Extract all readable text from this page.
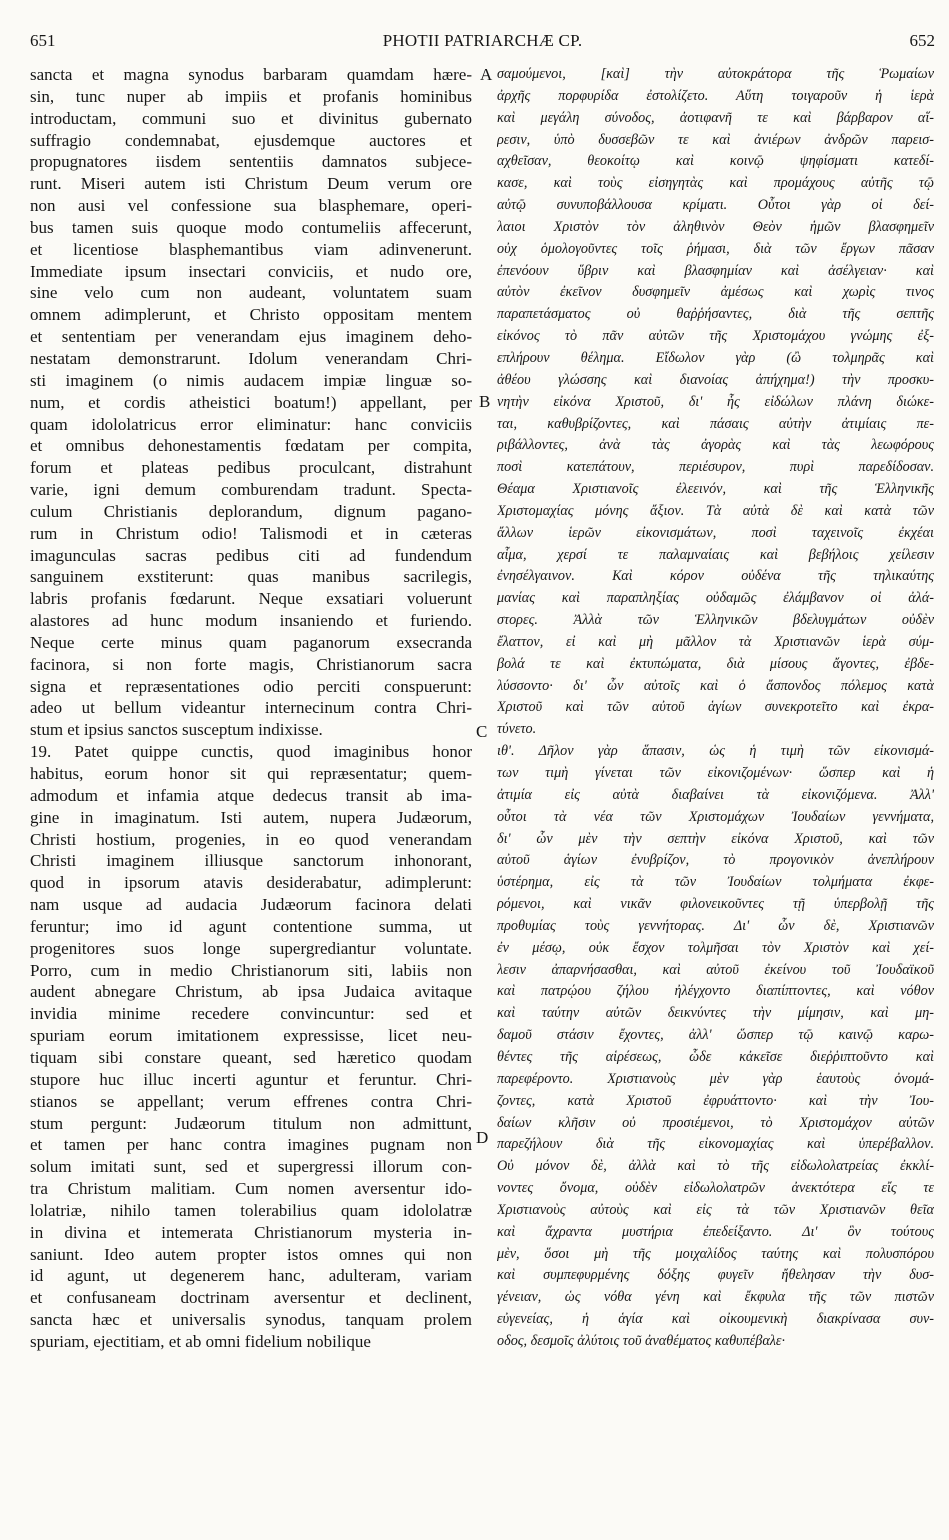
651	PHOTII PATRIARCHÆ CP.	652
sancta et magna synodus barbaram quamdam hære-
sin, tunc nuper ab impiis et profanis hominibus
introductam, communi suo et divinitus gubernato
suffragio condemnabat, ejusdemque auctores et
propugnatores iisdem sententiis damnatos subjece-
runt. Miseri autem isti Christum Deum verum ore
non ausi vel confessione sua blasphemare, operi-
bus tamen suis quoque modo contumeliis affecerunt,
et licentiose blasphemantibus viam adinvenerunt.
Immediate ipsum insectari conviciis, et nudo ore,
sine velo cum non audeant, voluntatem suam
omnem adimplerunt, et Christo oppositam mentem
et sententiam per venerandam ejus imaginem deho-
nestatam demonstrarunt. Idolum venerandam Chri-
sti imaginem (o nimis audacem impiæ linguæ so-
num, et cordis atheistici boatum!) appellant, per
quam idololatricus error eliminatur: hanc conviciis
et omnibus dehonestamentis fœdatam per compita,
forum et plateas pedibus proculcant, distrahunt
varie, igni demum comburendam tradunt. Specta-
culum Christianis deplorandum, dignum pagano-
rum in Christum odio! Talismodi et in cæteras
imagunculas sacras pedibus citi ad fundendum
sanguinem exstiterunt: quas manibus sacrilegis,
labris profanis fœdarunt. Neque exsatiari voluerunt
alastores ad hunc modum insaniendo et furiendo.
Neque certe minus quam paganorum exsecranda
facinora, si non forte magis, Christianorum sacra
signa et repræsentationes odio perciti conspuerunt:
adeo ut bellum videantur internecinum contra Chri-
stum et ipsius sanctos susceptum indixisse.
19. Patet quippe cunctis, quod imaginibus honor
habitus, eorum honor sit qui repræsentatur; quem-
admodum et infamia atque dedecus transit ab ima-
gine in imaginatum. Isti autem, nupera Judæorum,
Christi hostium, progenies, in eo quod venerandam
Christi imaginem illiusque sanctorum inhonorant,
quod in ipsorum atavis desiderabatur, adimplerunt:
nam usque ad audacia Judæorum facinora delati
feruntur; imo id agunt contentione summa, ut
progenitores suos longe supergrediantur voluntate.
Porro, cum in medio Christianorum siti, labiis non
audent abnegare Christum, ab ipsa Judaica avitaque
invidia minime recedere convincuntur: sed et
spuriam eorum imitationem expressisse, licet neu-
tiquam sibi constare queant, sed hæretico quodam
stupore huc illuc incerti aguntur et feruntur. Chri-
stianos se appellant; verum effrenes contra Chri-
stum pergunt: Judæorum titulum non admittunt,
et tamen per hanc contra imagines pugnam non
solum imitati sunt, sed et supergressi illorum con-
tra Christum malitiam. Cum nomen aversentur ido-
lolatriæ, nihilo tamen tolerabilius quam idololatræ
in divina et intemerata Christianorum mysteria in-
saniunt. Ideo autem propter istos omnes qui non
id agunt, ut degenerem hanc, adulteram, variam
et confusaneam doctrinam aversentur et declinent,
sancta hæc et universalis synodus, tanquam prolem
spuriam, ejectitiam, et ab omni fidelium nobilique
σαμούμενοι, [καὶ] τὴν αὐτοκράτορα τῆς Ῥωμαίων
ἀρχῆς πορφυρίδα ἐστολίζετο. Αὕτη τοιγαροῦν ἡ ἱερὰ
καὶ μεγάλη σύνοδος, ἀοτιφανῆ τε καὶ βάρβαρον αἵ-
ρεσιν, ὑπὸ δυσσεβῶν τε καὶ ἀνιέρων ἀνδρῶν παρεισ-
αχθεῖσαν, θεοκοίτῳ καὶ κοινῷ ψηφίσματι κατεδί-
κασε, καὶ τοὺς εἰσηγητὰς καὶ προμάχους αὐτῆς τῷ
αὐτῷ συνυποβάλλουσα κρίματι. Οὗτοι γὰρ οἱ δεί-
λαιοι Χριστὸν τὸν ἀληθινὸν Θεὸν ἡμῶν βλασφημεῖν
οὐχ ὁμολογοῦντες τοῖς ῥήμασι, διὰ τῶν ἔργων πᾶσαν
ἐπενόουν ὕβριν καὶ βλασφημίαν καὶ ἀσέλγειαν· καὶ
αὐτὸν ἐκεῖνον δυσφημεῖν ἀμέσως καὶ χωρὶς τινος
παραπετάσματος οὐ θαῤῥήσαντες, διὰ τῆς σεπτῆς
εἰκόνος τὸ πᾶν αὐτῶν τῆς Χριστομάχου γνώμης ἐξ-
επλήρουν θέλημα. Εἴδωλον γὰρ (ὢ τολμηρᾶς καὶ
ἀθέου γλώσσης καὶ διανοίας ἀπήχημα!) τὴν προσκυ-
νητὴν εἰκόνα Χριστοῦ, δι' ἧς εἰδώλων πλάνη διώκε-
ται, καθυβρίζοντες, καὶ πάσαις αὐτὴν ἀτιμίαις πε-
ριβάλλοντες, ἀνὰ τὰς ἀγορὰς καὶ τὰς λεωφόρους
ποσὶ κατεπάτουν, περιέσυρον, πυρὶ παρεδίδοσαν.
Θέαμα Χριστιανοῖς ἐλεεινόν, καὶ τῆς Ἑλληνικῆς
Χριστομαχίας μόνης ἄξιον. Τὰ αὐτὰ δὲ καὶ κατὰ τῶν
ἄλλων ἱερῶν εἰκονισμάτων, ποσὶ ταχεινοῖς ἐκχέαι
αἷμα, χερσί τε παλαμναίαις καὶ βεβήλοις χείλεσιν
ἐνησέλγαινον. Καὶ κόρον οὐδένα τῆς τηλικαύτης
μανίας καὶ παραπληξίας οὐδαμῶς ἐλάμβανον οἱ ἀλά-
στορες. Ἀλλὰ τῶν Ἑλληνικῶν βδελυγμάτων οὐδὲν
ἔλαττον, εἰ καὶ μὴ μᾶλλον τὰ Χριστιανῶν ἱερὰ σύμ-
βολά τε καὶ ἐκτυπώματα, διὰ μίσους ἄγοντες, ἐβδε-
λύσσοντο· δι' ὧν αὐτοῖς καὶ ὁ ἄσπονδος πόλεμος κατὰ
Χριστοῦ καὶ τῶν αὐτοῦ ἁγίων συνεκροτεῖτο καὶ ἐκρα-
τύνετο.
ιθ'. Δῆλον γὰρ ἅπασιν, ὡς ἡ τιμὴ τῶν εἰκονισμά-
των τιμὴ γίνεται τῶν εἰκονιζομένων· ὥσπερ καὶ ἡ
ἀτιμία εἰς αὐτὰ διαβαίνει τὰ εἰκονιζόμενα. Ἀλλ'
οὗτοι τὰ νέα τῶν Χριστομάχων Ἰουδαίων γεννήματα,
δι' ὧν μὲν τὴν σεπτὴν εἰκόνα Χριστοῦ, καὶ τῶν
αὐτοῦ ἁγίων ἐνυβρίζον, τὸ προγονικὸν ἀνεπλήρουν
ὑστέρημα, εἰς τὰ τῶν Ἰουδαίων τολμήματα ἐκφε-
ρόμενοι, καὶ νικᾶν φιλονεικοῦντες τῇ ὑπερβολῇ τῆς
προθυμίας τοὺς γεννήτορας. Δι' ὧν δὲ, Χριστιανῶν
ἐν μέσῳ, οὐκ ἔσχον τολμῆσαι τὸν Χριστὸν καὶ χεί-
λεσιν ἀπαρνήσασθαι, καὶ αὐτοῦ ἐκείνου τοῦ Ἰουδαϊκοῦ
καὶ πατρῴου ζήλου ἠλέγχοντο διαπίπτοντες, καὶ νόθον
καὶ ταύτην αὐτῶν δεικνύντες τὴν μίμησιν, καὶ μη-
δαμοῦ στάσιν ἔχοντες, ἀλλ' ὥσπερ τῷ καινῷ καρω-
θέντες τῆς αἱρέσεως, ὧδε κἀκεῖσε διεῤῥιπτοῦντο καὶ
παρεφέροντο. Χριστιανοὺς μὲν γὰρ ἑαυτοὺς ὀνομά-
ζοντες, κατὰ Χριστοῦ ἐφρυάττοντο· καὶ τὴν Ἰου-
δαίων κλῆσιν οὐ προσιέμενοι, τὸ Χριστομάχον αὐτῶν
παρεζήλουν διὰ τῆς εἰκονομαχίας καὶ ὑπερέβαλλον.
Οὐ μόνον δὲ, ἀλλὰ καὶ τὸ τῆς εἰδωλολατρείας ἐκκλί-
νοντες ὄνομα, οὐδὲν εἰδωλολατρῶν ἀνεκτότερα εἴς τε
Χριστιανοὺς αὐτοὺς καὶ εἰς τὰ τῶν Χριστιανῶν θεῖα
καὶ ἄχραντα μυστήρια ἐπεδείξαντο. Δι' ὃν τούτους
μὲν, ὅσοι μὴ τῆς μοιχαλίδος ταύτης καὶ πολυσπόρου
καὶ συμπεφυρμένης δόξης φυγεῖν ἤθελησαν τὴν δυσ-
γένειαν, ὡς νόθα γένη καὶ ἔκφυλα τῆς τῶν πιστῶν
εὐγενείας, ἡ ἁγία καὶ οἰκουμενικὴ διακρίνασα συν-
οδος, δεσμοῖς ἀλύτοις τοῦ ἀναθέματος καθυπέβαλε·
A
B
C
D
